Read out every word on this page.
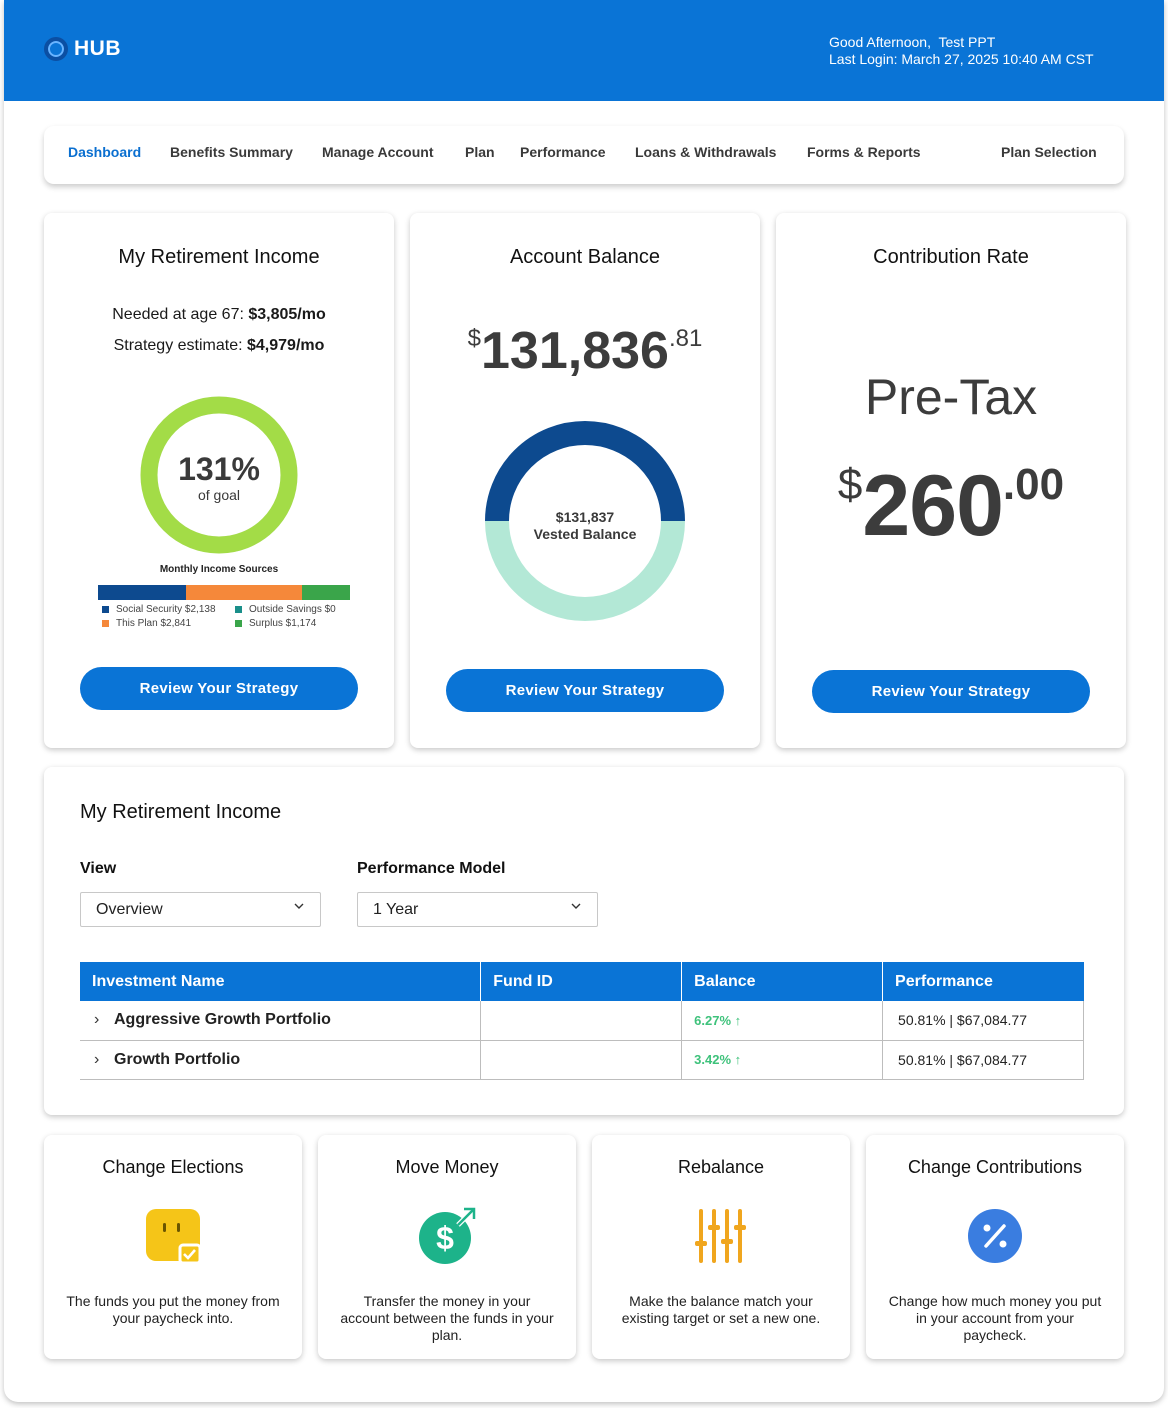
HUB	Good Afternoon,  Test PPT
Last Login: March 27, 2025 10:40 AM CST
Dashboard Benefits Summary Manage Account Plan Performance Loans & Withdrawals Forms & Reports	Plan Selection
My Retirement Income
Needed at age 67: $3,805/mo
Strategy estimate: $4,979/mo
131%
of goal
Monthly Income Sources
Social Security $2,138
This Plan $2,841
Outside Savings $0
Surplus $1,174
Review Your Strategy
Account Balance
$131,836.81
$131,837
Vested Balance
Review Your Strategy
Contribution Rate
Pre-Tax
$260.00
Review Your Strategy
My Retirement Income
View
Overview
Performance Model
1 Year
Investment Name	Fund ID	Balance	Performance
› Aggressive Growth Portfolio		6.27% ↑	50.81% | $67,084.77
› Growth Portfolio		3.42% ↑	50.81% | $67,084.77
Change Elections
The funds you put the money from your paycheck into.
Move Money
$
Transfer the money in your account between the funds in your plan.
Rebalance
Make the balance match your existing target or set a new one.
Change Contributions
Change how much money you put in your account from your paycheck.
